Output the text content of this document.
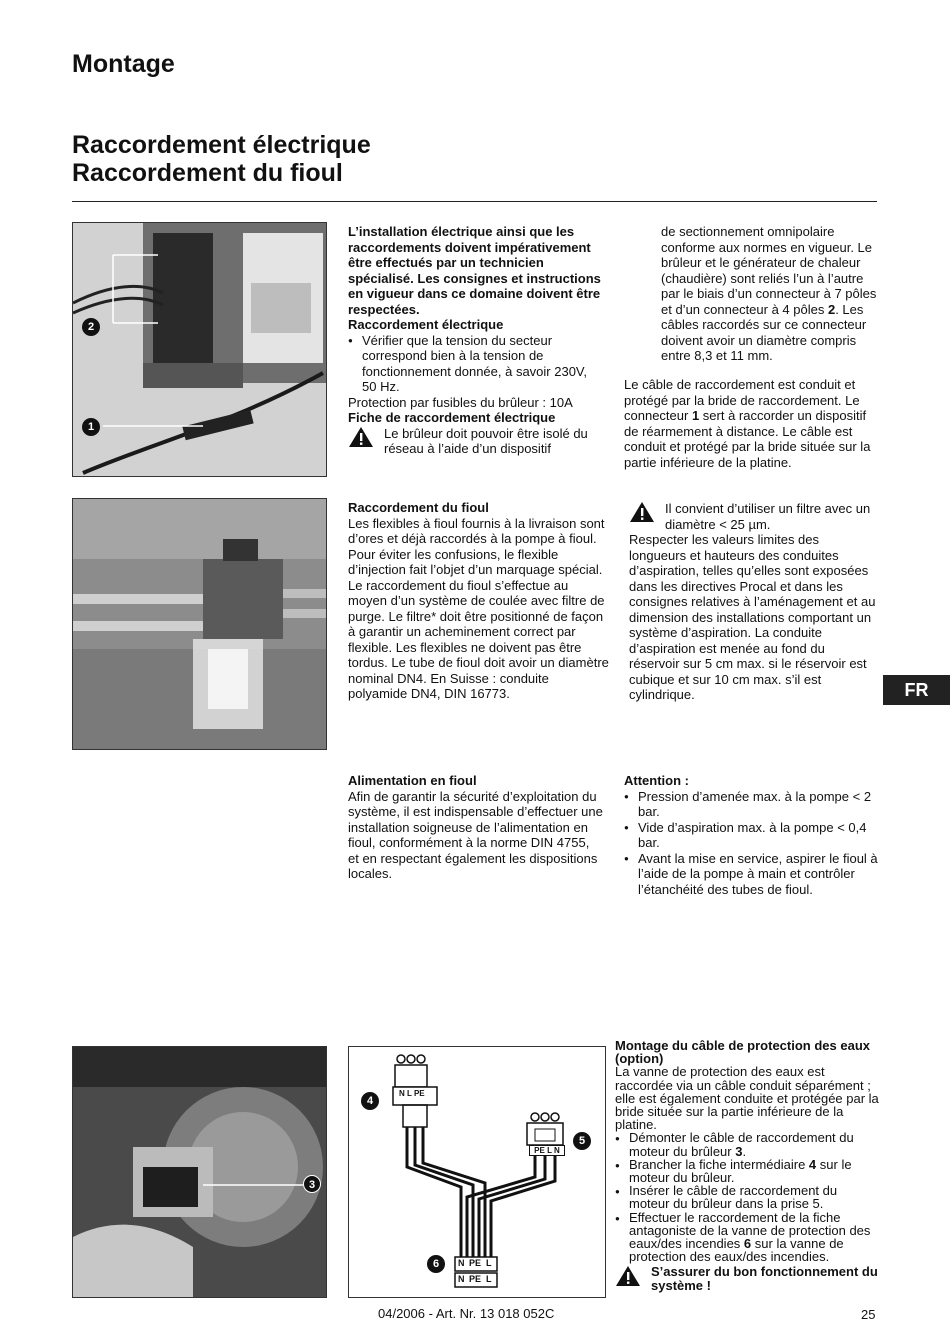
Montage
Raccordement électrique
Raccordement du fioul
2
1

L’installation électrique ainsi que les raccordements doivent impérativement être effectués par un technicien spécialisé. Les consignes et instructions en vigueur dans ce domaine doivent être respectées.

Raccordement électrique

● Vérifier que la tension du secteur correspond bien à la tension de fonctionnement donnée, à savoir 230V, 50 Hz.

Protection par fusibles du brûleur : 10A

Fiche de raccordement électrique

Le brûleur doit pouvoir être isolé du réseau à l’aide d’un dispositif

de sectionnement omnipolaire conforme aux normes en vigueur. Le brûleur et le générateur de chaleur (chaudière) sont reliés l’un à l’autre par le biais d’un connecteur à 7 pôles et d’un connecteur à 4 pôles 2. Les câbles raccordés sur ce connecteur doivent avoir un diamètre compris entre 8,3 et 11 mm.

Le câble de raccordement est conduit et protégé par la bride de raccordement. Le connecteur 1 sert à raccorder un dispositif de réarmement à distance. Le câble est conduit et protégé par la bride située sur la partie inférieure de la platine.

Raccordement du fioul

Les flexibles à fioul fournis à la livraison sont d’ores et déjà raccordés à la pompe à fioul. Pour éviter les confusions, le flexible d’injection fait l’objet d’un marquage spécial. Le raccordement du fioul s’effectue au moyen d’un système de coulée avec filtre de purge. Le filtre* doit être positionné de façon à garantir un acheminement correct par flexible. Les flexibles ne doivent pas être tordus. Le tube de fioul doit avoir un diamètre nominal DN4. En Suisse : conduite polyamide DN4, DIN 16773.

Il convient d’utiliser un filtre avec un diamètre < 25 µm.

Respecter les valeurs limites des longueurs et hauteurs des conduites d’aspiration, telles qu’elles sont exposées dans les directives Procal et dans les consignes relatives à l’aménagement et au dimension des installations comportant un système d’aspiration. La conduite d’aspiration est menée au fond du réservoir sur 5 cm max. si le réservoir est cubique et sur 10 cm max. s’il est cylindrique.	FR

Alimentation en fioul

Afin de garantir la sécurité d’exploitation du système, il est indispensable d’effectuer une installation soigneuse de l’alimentation en fioul, conformément à la norme DIN 4755, et en respectant également les dispositions locales.

Attention :

● Pression d’amenée max. à la pompe < 2 bar.

● Vide d’aspiration max. à la pompe < 0,4 bar.

● Avant la mise en service, aspirer le fioul à l’aide de la pompe à main et contrôler l’étanchéité des tubes de fioul.

3
N L PE
PE L N
N PE L
N PE L
4
5
6

Montage du câble de protection des eaux (option)

La vanne de protection des eaux est raccordée via un câble conduit séparément ; elle est également conduite et protégée par la bride située sur la partie inférieure de la platine.

● Démonter le câble de raccordement du moteur du brûleur 3.

● Brancher la fiche intermédiaire 4 sur le moteur du brûleur.

● Insérer le câble de raccordement du moteur du brûleur dans la prise 5.

● Effectuer le raccordement de la fiche antagoniste de la vanne de protection des eaux/des incendies 6 sur la vanne de protection des eaux/des incendies.

S’assurer du bon fonctionnement du système !

04/2006 - Art. Nr. 13 018 052C	25
